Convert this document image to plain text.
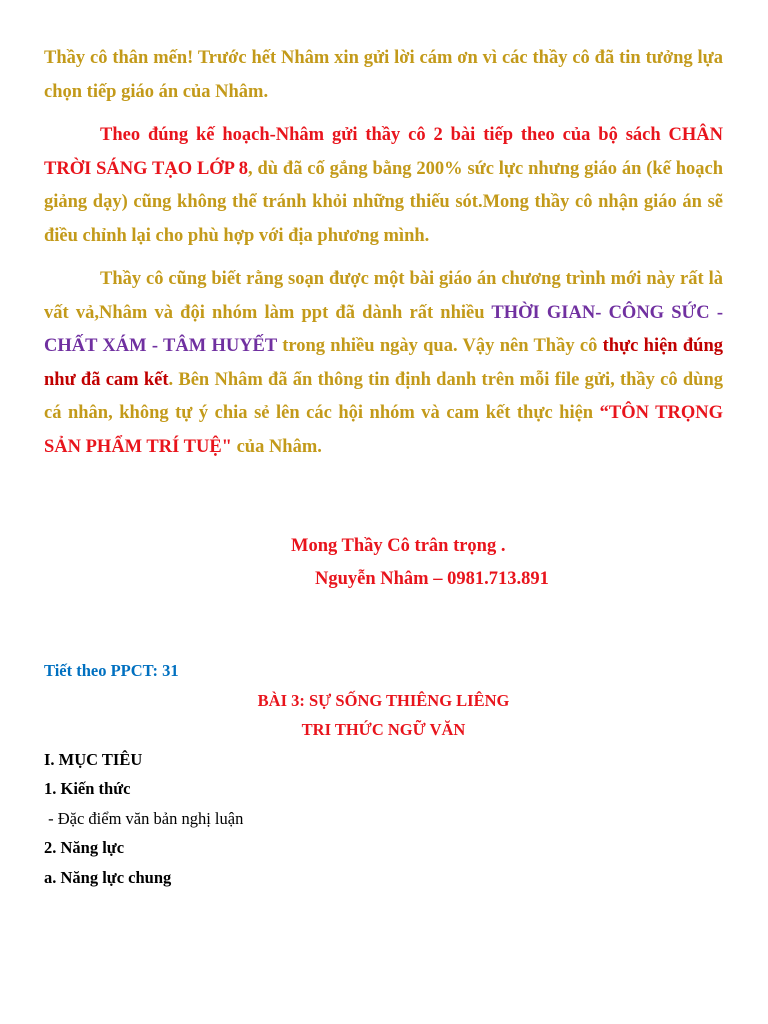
Thầy cô thân mến! Trước hết Nhâm xin gửi lời cám ơn vì các thầy cô đã tin tưởng lựa chọn tiếp giáo án của Nhâm.

Theo đúng kế hoạch-Nhâm gửi thầy cô 2 bài tiếp theo của bộ sách CHÂN TRỜI SÁNG TẠO LỚP 8, dù đã cố gắng bằng 200% sức lực nhưng giáo án (kế hoạch giảng dạy) cũng không thể tránh khỏi những thiếu sót.Mong thầy cô nhận giáo án sẽ điều chỉnh lại cho phù hợp với địa phương mình.

Thầy cô cũng biết rằng soạn được một bài giáo án chương trình mới này rất là vất vả,Nhâm và đội nhóm làm ppt đã dành rất nhiều THỜI GIAN- CÔNG SỨC - CHẤT XÁM - TÂM HUYẾT trong nhiều ngày qua. Vậy nên Thầy cô thực hiện đúng như đã cam kết. Bên Nhâm đã ẩn thông tin định danh trên mỗi file gửi, thầy cô dùng cá nhân, không tự ý chia sẻ lên các hội nhóm và cam kết thực hiện “TÔN TRỌNG SẢN PHẨM TRÍ TUỆ" của Nhâm.

Mong Thầy Cô trân trọng .
Nguyễn Nhâm – 0981.713.891
Tiết theo PPCT: 31
BÀI 3: SỰ SỐNG THIÊNG LIÊNG
TRI THỨC NGỮ VĂN
I. MỤC TIÊU
1. Kiến thức
- Đặc điểm văn bản nghị luận
2. Năng lực
a. Năng lực chung
